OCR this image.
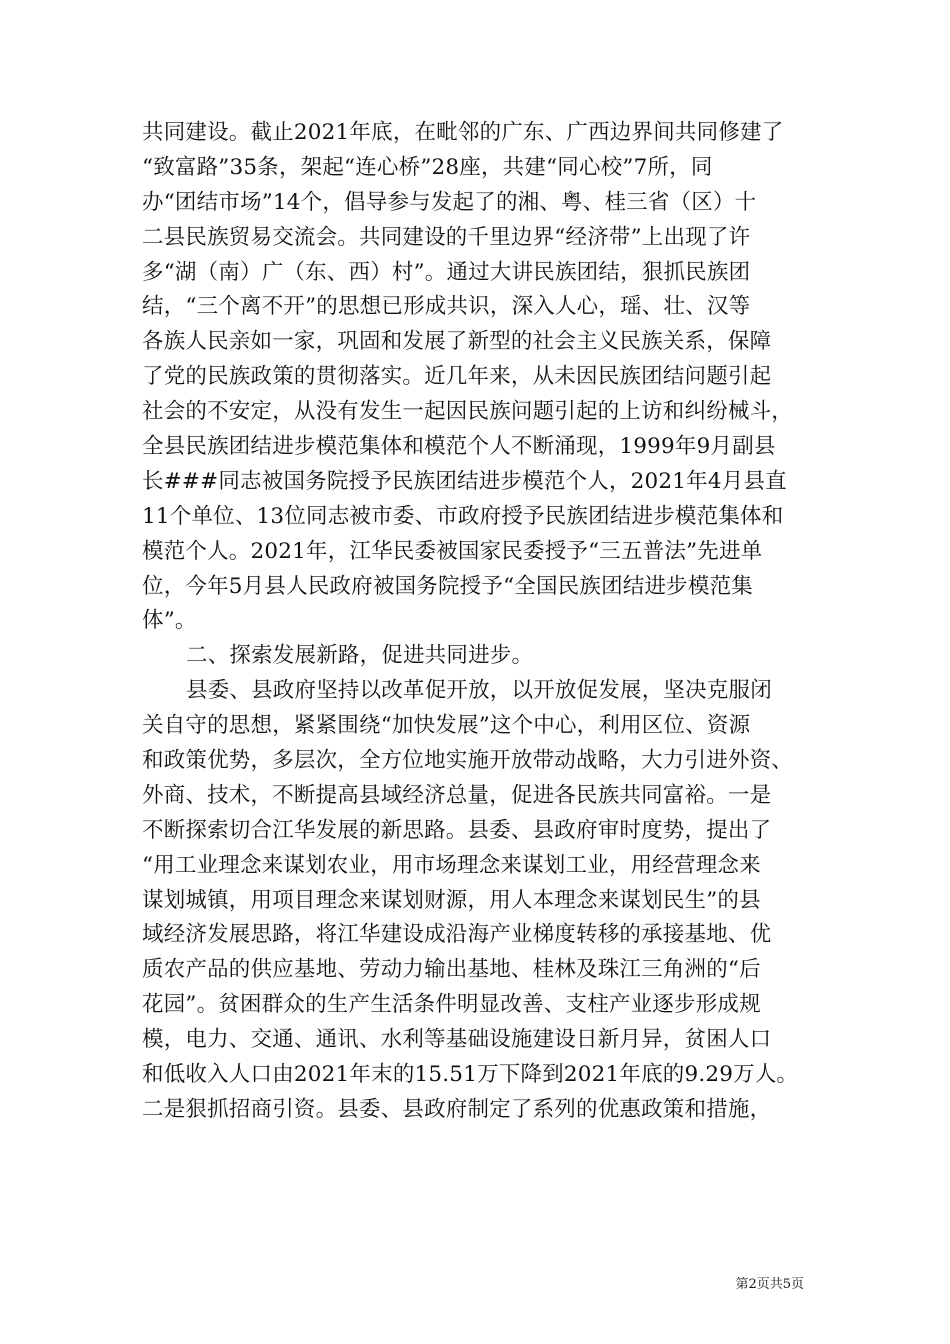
共同建设。截止2021年底，在毗邻的广东、广西边界间共同修建了
“致富路”35条，架起“连心桥”28座，共建“同心校”7所，同
办“团结市场”14个，倡导参与发起了的湘、粤、桂三省（区）十
二县民族贸易交流会。共同建设的千里边界“经济带”上出现了许
多“湖（南）广（东、西）村”。通过大讲民族团结，狠抓民族团
结，“三个离不开”的思想已形成共识，深入人心，瑶、壮、汉等
各族人民亲如一家，巩固和发展了新型的社会主义民族关系，保障
了党的民族政策的贯彻落实。近几年来，从未因民族团结问题引起
社会的不安定，从没有发生一起因民族问题引起的上访和纠纷械斗，
全县民族团结进步模范集体和模范个人不断涌现，1999年9月副县
长###同志被国务院授予民族团结进步模范个人，2021年4月县直
11个单位、13位同志被市委、市政府授予民族团结进步模范集体和
模范个人。2021年，江华民委被国家民委授予“三五普法”先进单
位，今年5月县人民政府被国务院授予“全国民族团结进步模范集
体”。
二、探索发展新路，促进共同进步。
县委、县政府坚持以改革促开放，以开放促发展，坚决克服闭
关自守的思想，紧紧围绕“加快发展”这个中心，利用区位、资源
和政策优势，多层次，全方位地实施开放带动战略，大力引进外资、
外商、技术，不断提高县域经济总量，促进各民族共同富裕。一是
不断探索切合江华发展的新思路。县委、县政府审时度势，提出了
“用工业理念来谋划农业，用市场理念来谋划工业，用经营理念来
谋划城镇，用项目理念来谋划财源，用人本理念来谋划民生”的县
域经济发展思路，将江华建设成沿海产业梯度转移的承接基地、优
质农产品的供应基地、劳动力输出基地、桂林及珠江三角洲的“后
花园”。贫困群众的生产生活条件明显改善、支柱产业逐步形成规
模，电力、交通、通讯、水利等基础设施建设日新月异，贫困人口
和低收入人口由2021年末的15.51万下降到2021年底的9.29万人。
二是狠抓招商引资。县委、县政府制定了系列的优惠政策和措施，
第2页共5页
